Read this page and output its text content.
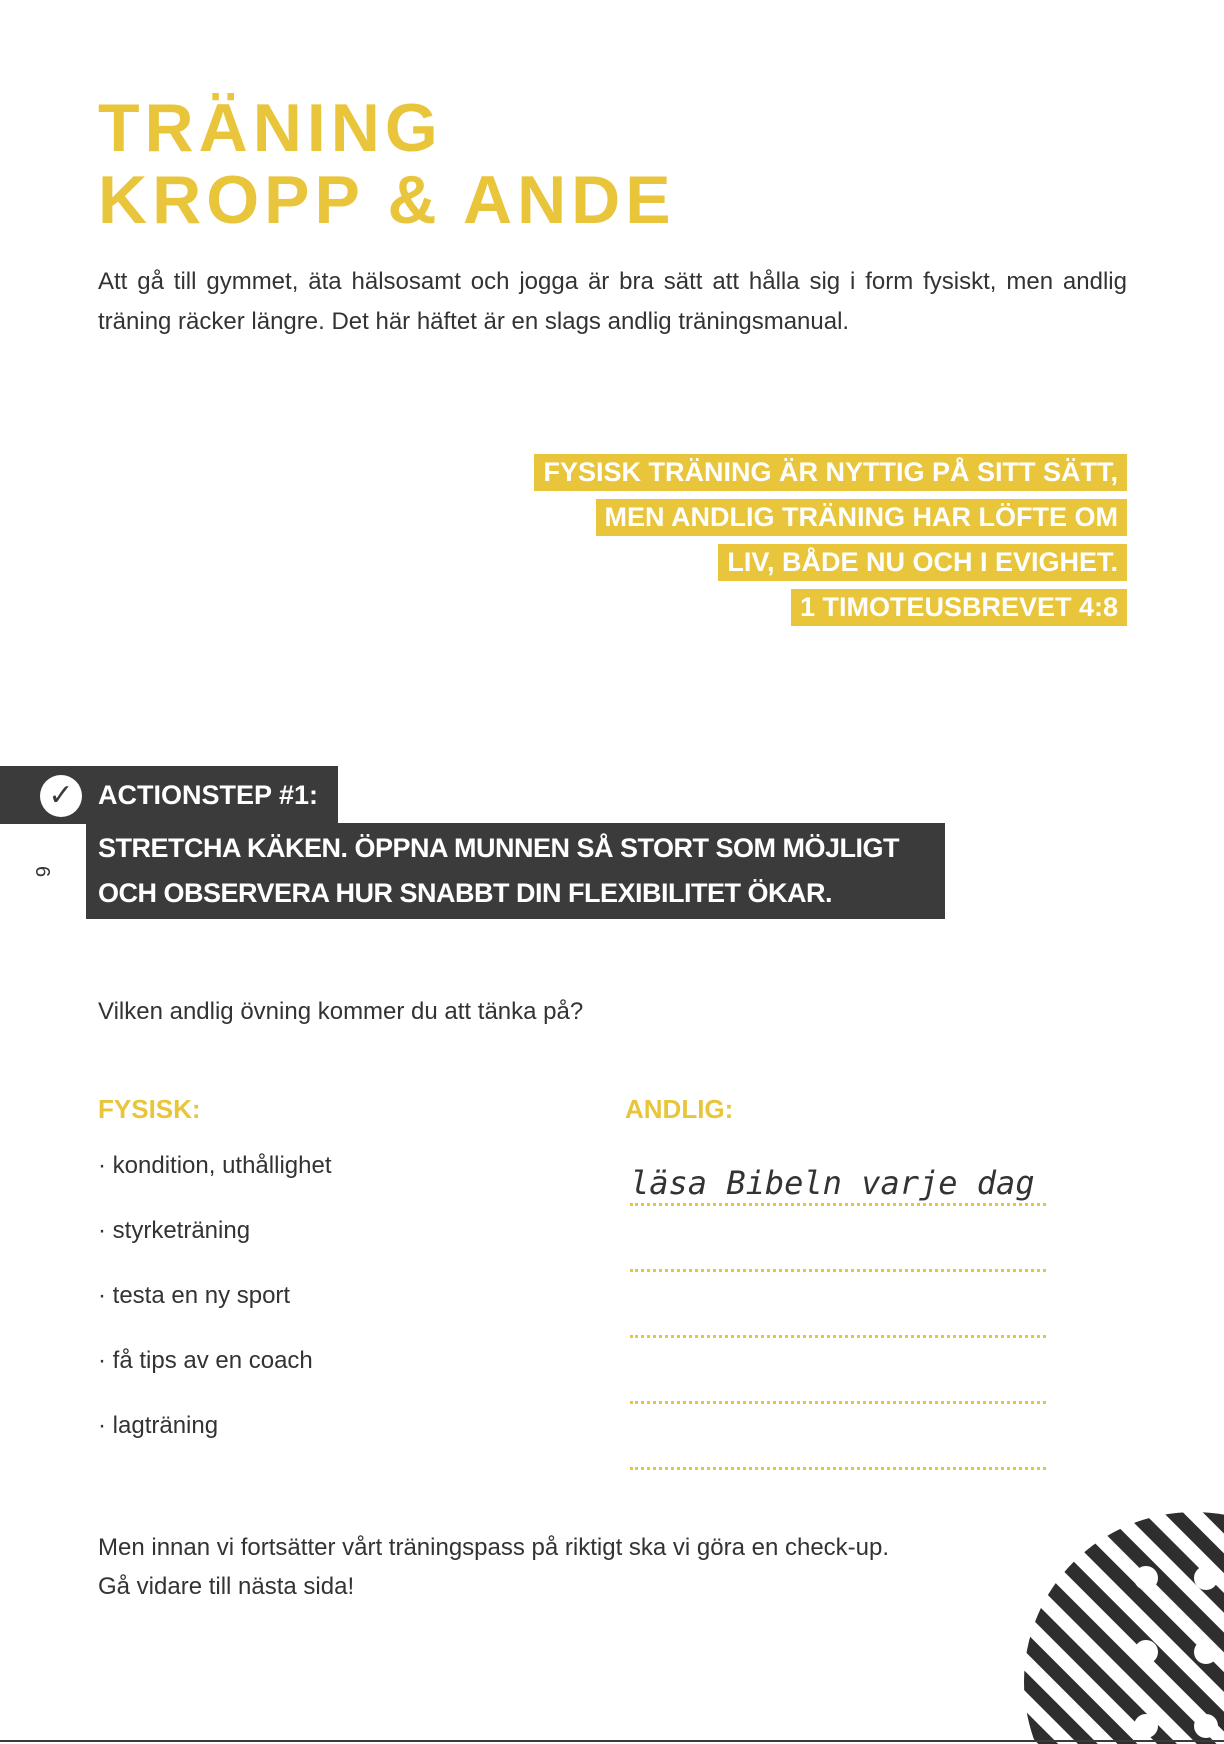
TRÄNING
KROPP & ANDE

Att gå till gymmet, äta hälsosamt och jogga är bra sätt att hålla sig i form fysiskt, men andlig träning räcker längre. Det här häftet är en slags andlig träningsmanual.

FYSISK TRÄNING ÄR NYTTIG PÅ SITT SÄTT,
MEN ANDLIG TRÄNING HAR LÖFTE OM
LIV, BÅDE NU OCH I EVIGHET.
1 TIMOTEUSBREVET 4:8
✓ ACTIONSTEP #1:
STRETCHA KÄKEN. ÖPPNA MUNNEN SÅ STORT SOM MÖJLIGT
OCH OBSERVERA HUR SNABBT DIN FLEXIBILITET ÖKAR.
6

Vilken andlig övning kommer du att tänka på?

FYSISK:	ANDLIG:
· kondition, uthållighet
· styrketräning
· testa en ny sport
· få tips av en coach
· lagträning
läsa Bibeln varje dag

Men innan vi fortsätter vårt träningspass på riktigt ska vi göra en check-up.
Gå vidare till nästa sida!
